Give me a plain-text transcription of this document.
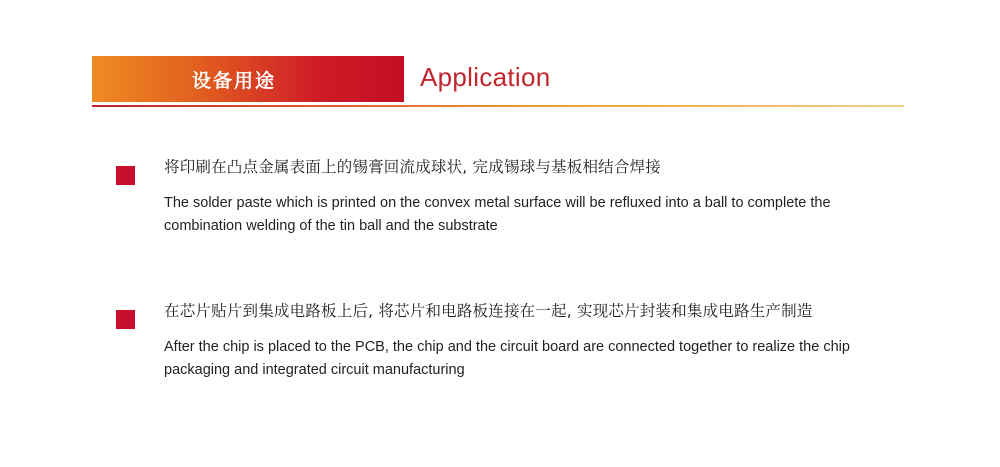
设备用途	Application

将印刷在凸点金属表面上的锡膏回流成球状, 完成锡球与基板相结合焊接

The solder paste which is printed on the convex metal surface will be refluxed into a ball to complete the combination welding of the tin ball and the substrate

在芯片贴片到集成电路板上后, 将芯片和电路板连接在一起, 实现芯片封装和集成电路生产制造

After the chip is placed to the PCB, the chip and the circuit board are connected together to realize the chip packaging and integrated circuit manufacturing
